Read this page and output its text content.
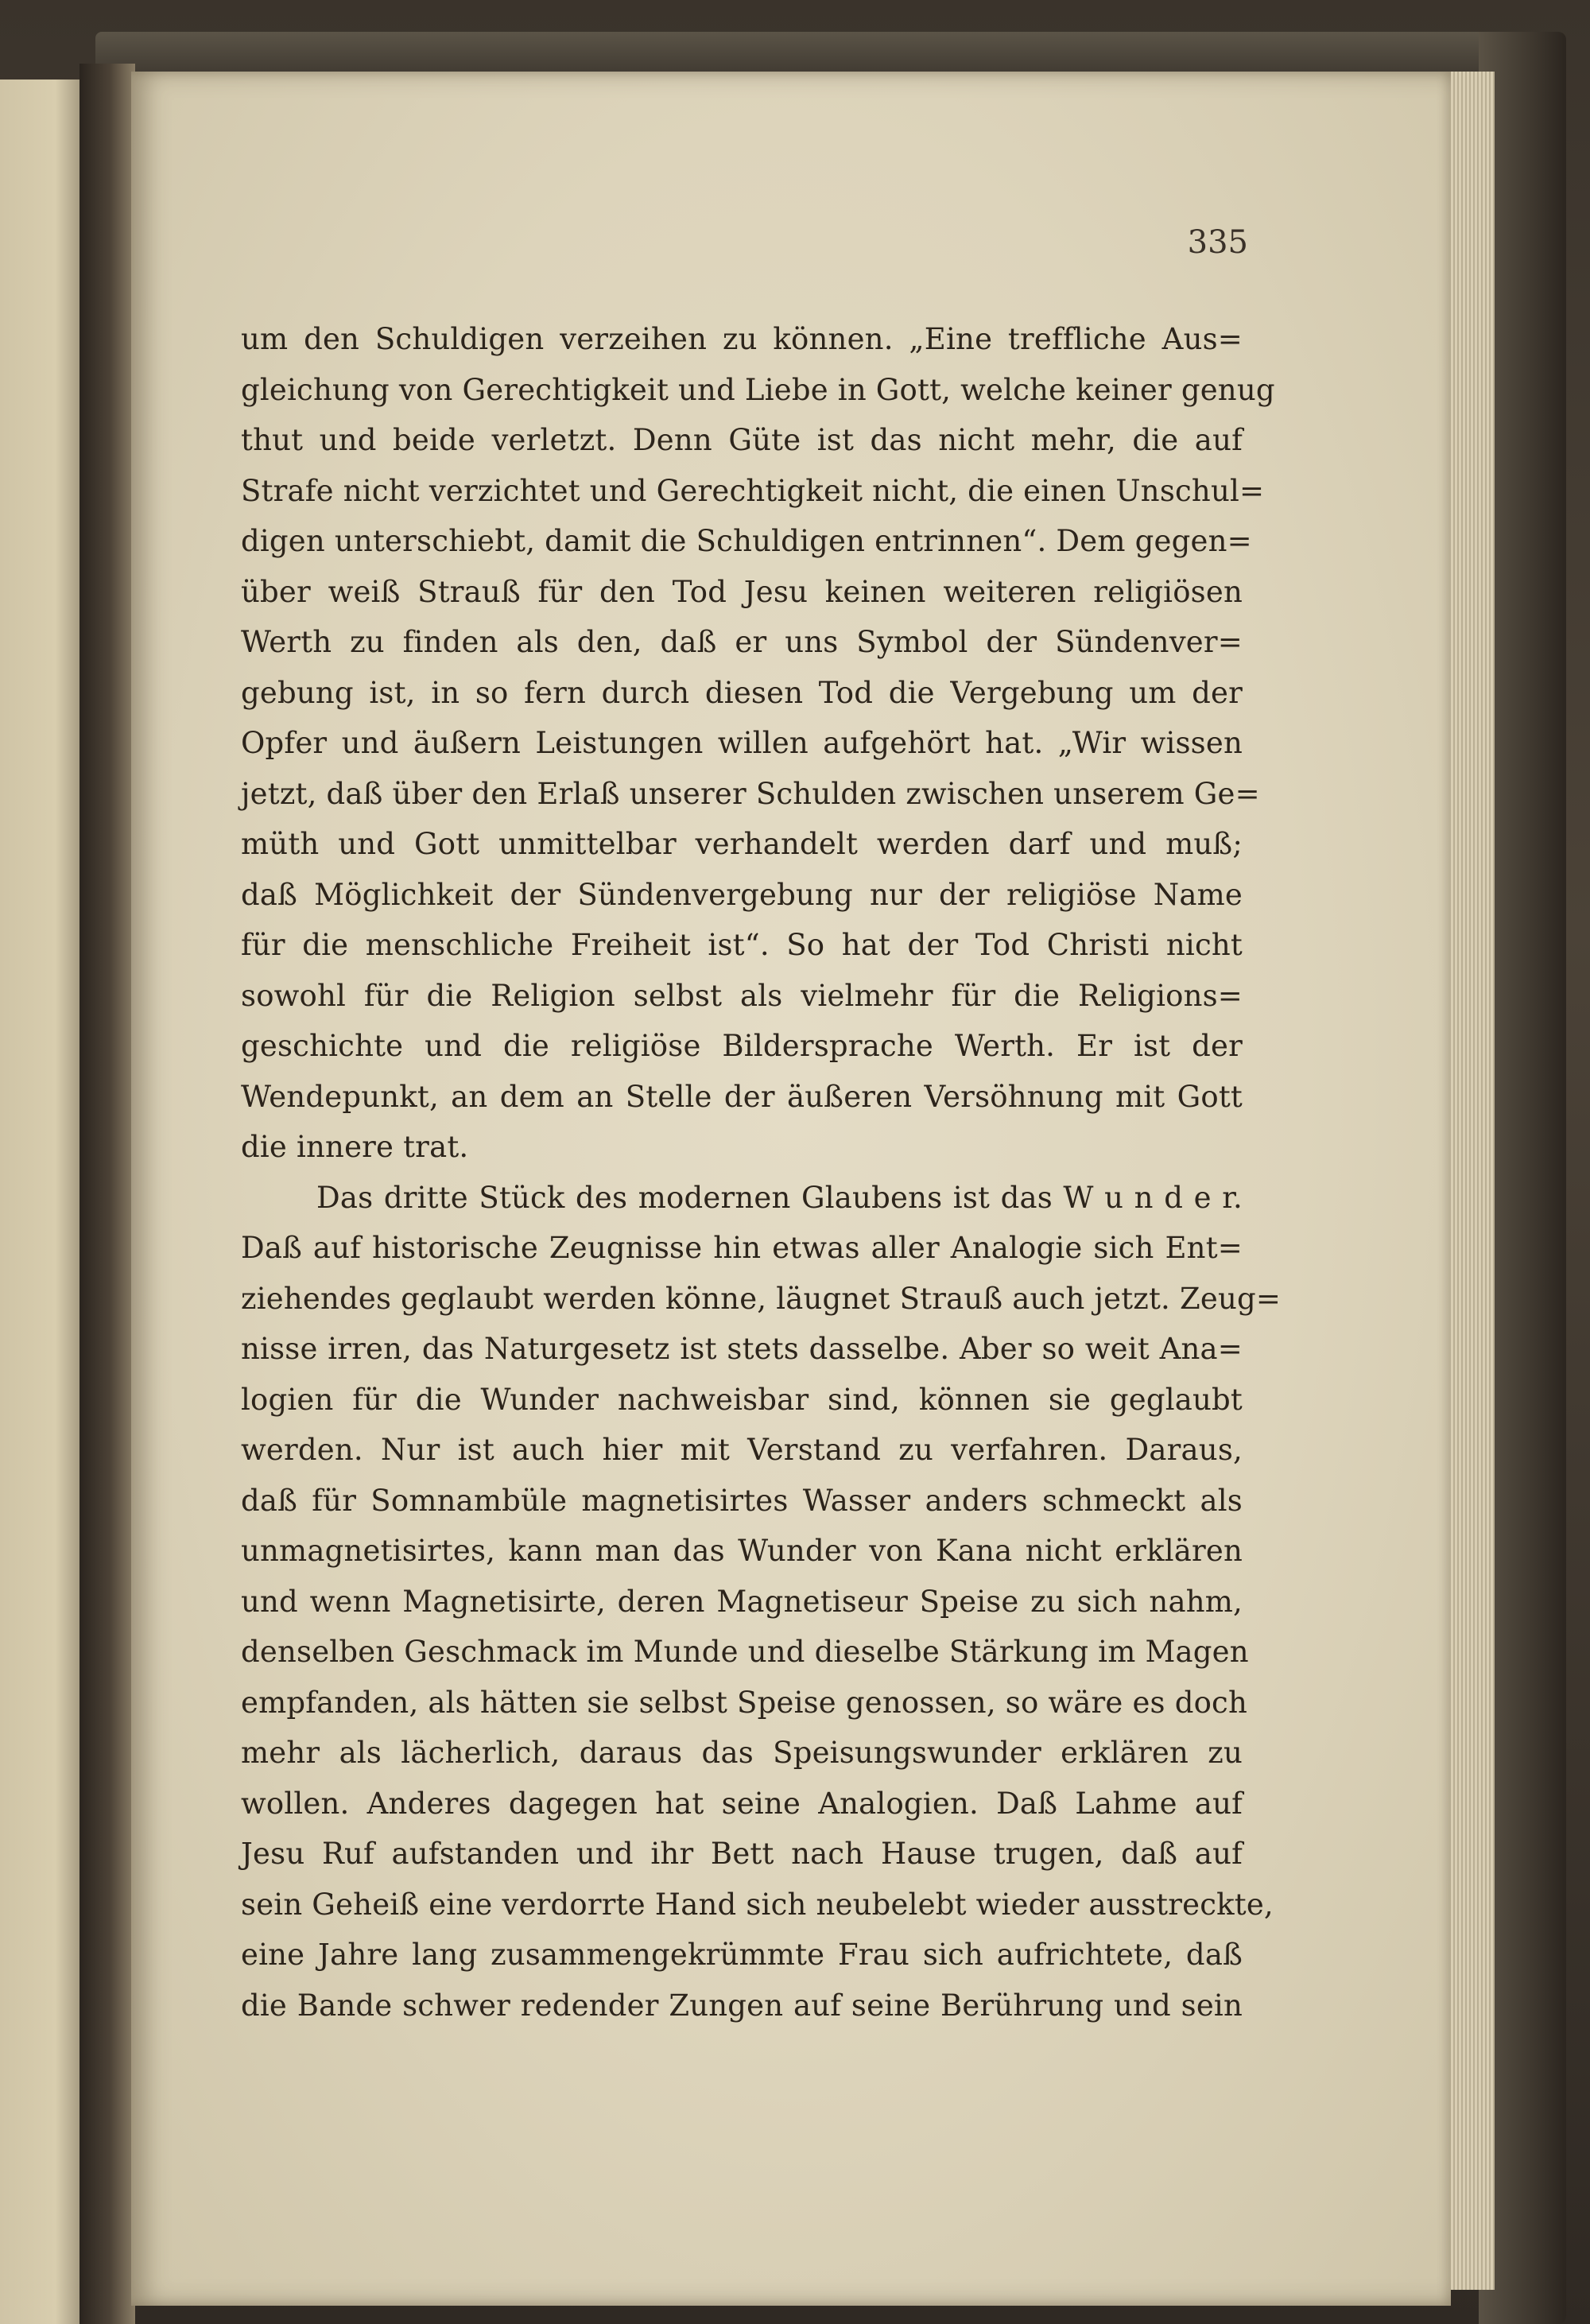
335
um den Schuldigen verzeihen zu können. „Eine treffliche Aus=
gleichung von Gerechtigkeit und Liebe in Gott, welche keiner genug
thut und beide verletzt. Denn Güte ist das nicht mehr, die auf
Strafe nicht verzichtet und Gerechtigkeit nicht, die einen Unschul=
digen unterschiebt, damit die Schuldigen entrinnen“. Dem gegen=
über weiß Strauß für den Tod Jesu keinen weiteren religiösen
Werth zu finden als den, daß er uns Symbol der Sündenver=
gebung ist, in so fern durch diesen Tod die Vergebung um der
Opfer und äußern Leistungen willen aufgehört hat. „Wir wissen
jetzt, daß über den Erlaß unserer Schulden zwischen unserem Ge=
müth und Gott unmittelbar verhandelt werden darf und muß;
daß Möglichkeit der Sündenvergebung nur der religiöse Name
für die menschliche Freiheit ist“. So hat der Tod Christi nicht
sowohl für die Religion selbst als vielmehr für die Religions=
geschichte und die religiöse Bildersprache Werth. Er ist der
Wendepunkt, an dem an Stelle der äußeren Versöhnung mit Gott
die innere trat.
Das dritte Stück des modernen Glaubens ist das W u n d e r.
Daß auf historische Zeugnisse hin etwas aller Analogie sich Ent=
ziehendes geglaubt werden könne, läugnet Strauß auch jetzt. Zeug=
nisse irren, das Naturgesetz ist stets dasselbe. Aber so weit Ana=
logien für die Wunder nachweisbar sind, können sie geglaubt
werden. Nur ist auch hier mit Verstand zu verfahren. Daraus,
daß für Somnambüle magnetisirtes Wasser anders schmeckt als
unmagnetisirtes, kann man das Wunder von Kana nicht erklären
und wenn Magnetisirte, deren Magnetiseur Speise zu sich nahm,
denselben Geschmack im Munde und dieselbe Stärkung im Magen
empfanden, als hätten sie selbst Speise genossen, so wäre es doch
mehr als lächerlich, daraus das Speisungswunder erklären zu
wollen. Anderes dagegen hat seine Analogien. Daß Lahme auf
Jesu Ruf aufstanden und ihr Bett nach Hause trugen, daß auf
sein Geheiß eine verdorrte Hand sich neubelebt wieder ausstreckte,
eine Jahre lang zusammengekrümmte Frau sich aufrichtete, daß
die Bande schwer redender Zungen auf seine Berührung und sein
